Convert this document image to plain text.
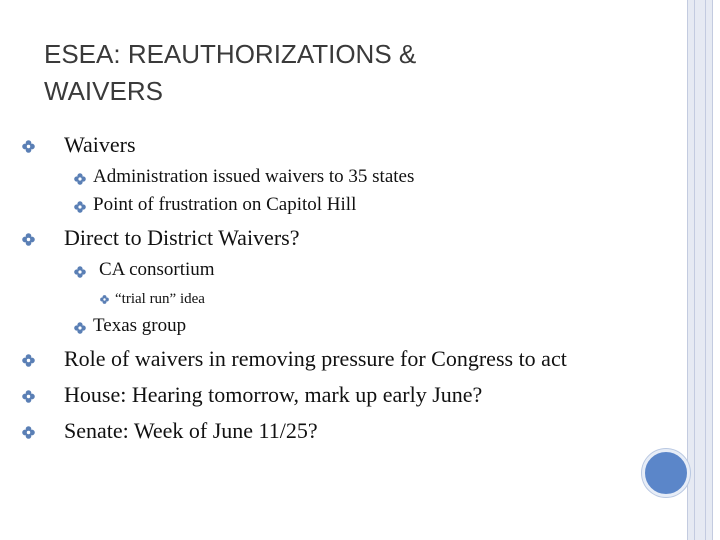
ESEA: REAUTHORIZATIONS &
WAIVERS
Waivers
Administration issued waivers to 35 states
Point of frustration on Capitol Hill
Direct to District Waivers?
CA consortium
“trial run” idea
Texas group
Role of waivers in removing pressure for Congress to act
House: Hearing tomorrow, mark up early June?
Senate: Week of June 11/25?
